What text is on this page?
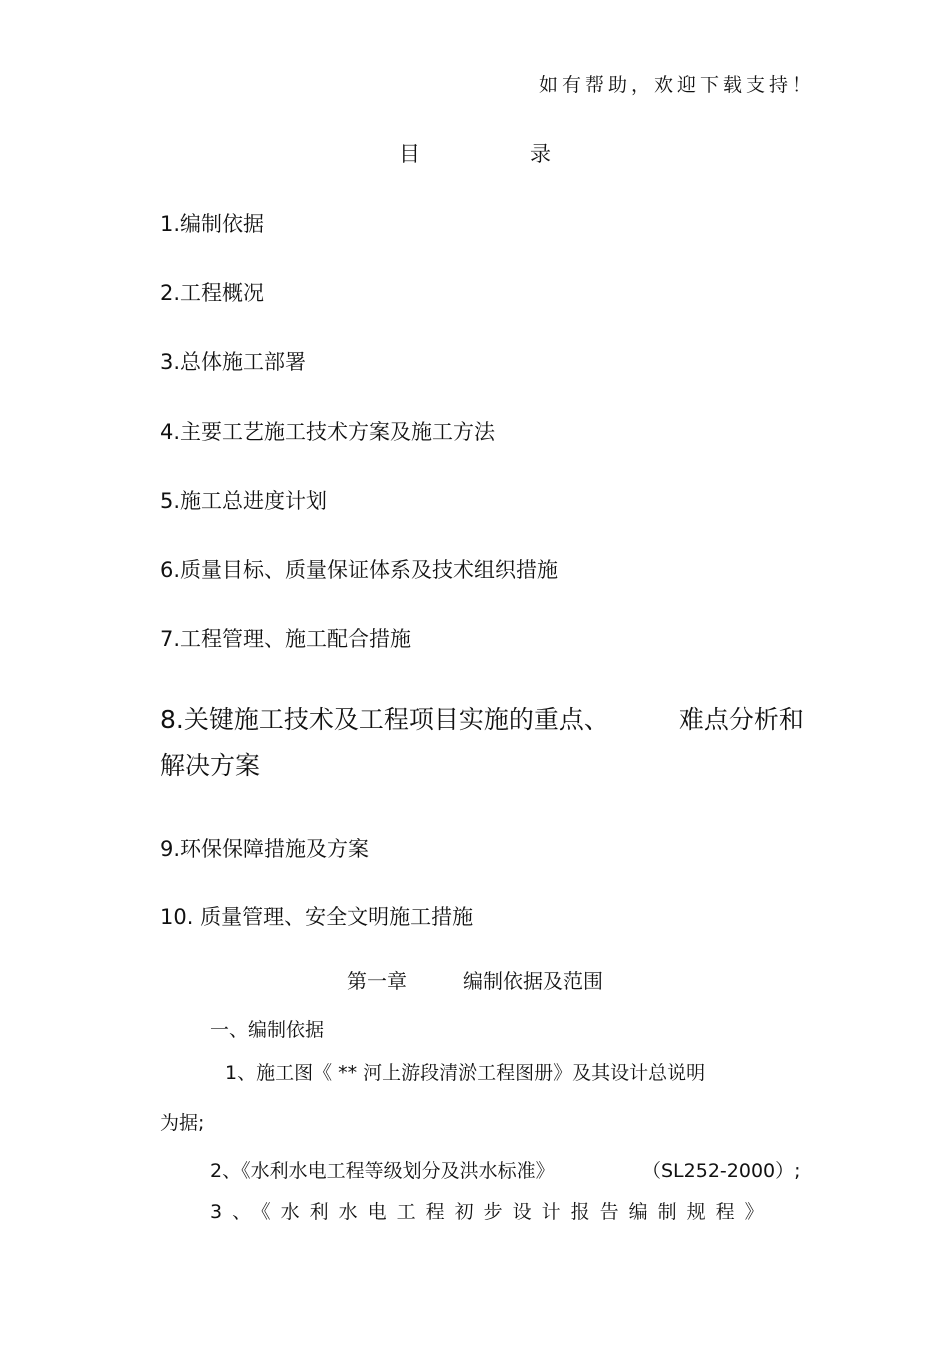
如有帮助，欢迎下载支持！
目	录
1.编制依据
2.工程概况
3.总体施工部署
4.主要工艺施工技术方案及施工方法
5.施工总进度计划
6.质量目标、质量保证体系及技术组织措施
7.工程管理、施工配合措施
8.关键施工技术及工程项目实施的重点、	难点分析和解决方案
9.环保保障措施及方案
10. 质量管理、安全文明施工措施
第一章	编制依据及范围
一、编制依据
1、施工图《 ** 河上游段清淤工程图册》及其设计总说明
为据;
2、《水利水电工程等级划分及洪水标准》	（SL252-2000）;
3、《水利水电工程初步设计报告编制规程》
